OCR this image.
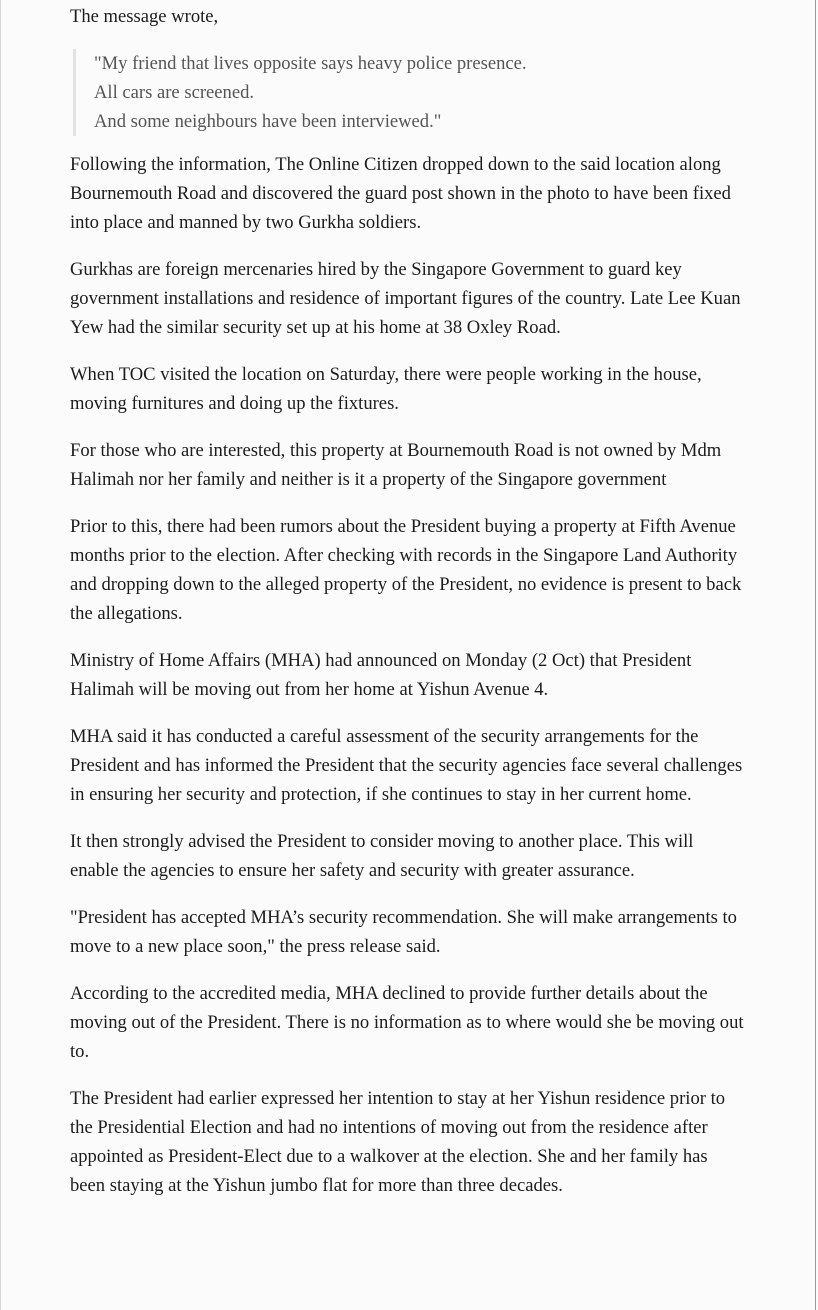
The message wrote,

"My friend that lives opposite says heavy police presence.
All cars are screened.
And some neighbours have been interviewed."

Following the information, The Online Citizen dropped down to the said location along Bournemouth Road and discovered the guard post shown in the photo to have been fixed into place and manned by two Gurkha soldiers.

Gurkhas are foreign mercenaries hired by the Singapore Government to guard key government installations and residence of important figures of the country. Late Lee Kuan Yew had the similar security set up at his home at 38 Oxley Road.

When TOC visited the location on Saturday, there were people working in the house, moving furnitures and doing up the fixtures.

For those who are interested, this property at Bournemouth Road is not owned by Mdm Halimah nor her family and neither is it a property of the Singapore government

Prior to this, there had been rumors about the President buying a property at Fifth Avenue months prior to the election. After checking with records in the Singapore Land Authority and dropping down to the alleged property of the President, no evidence is present to back the allegations.

Ministry of Home Affairs (MHA) had announced on Monday (2 Oct) that President Halimah will be moving out from her home at Yishun Avenue 4.

MHA said it has conducted a careful assessment of the security arrangements for the President and has informed the President that the security agencies face several challenges in ensuring her security and protection, if she continues to stay in her current home.

It then strongly advised the President to consider moving to another place. This will enable the agencies to ensure her safety and security with greater assurance.

"President has accepted MHA’s security recommendation. She will make arrangements to move to a new place soon," the press release said.

According to the accredited media, MHA declined to provide further details about the moving out of the President. There is no information as to where would she be moving out to.

The President had earlier expressed her intention to stay at her Yishun residence prior to the Presidential Election and had no intentions of moving out from the residence after appointed as President-Elect due to a walkover at the election. She and her family has been staying at the Yishun jumbo flat for more than three decades.
